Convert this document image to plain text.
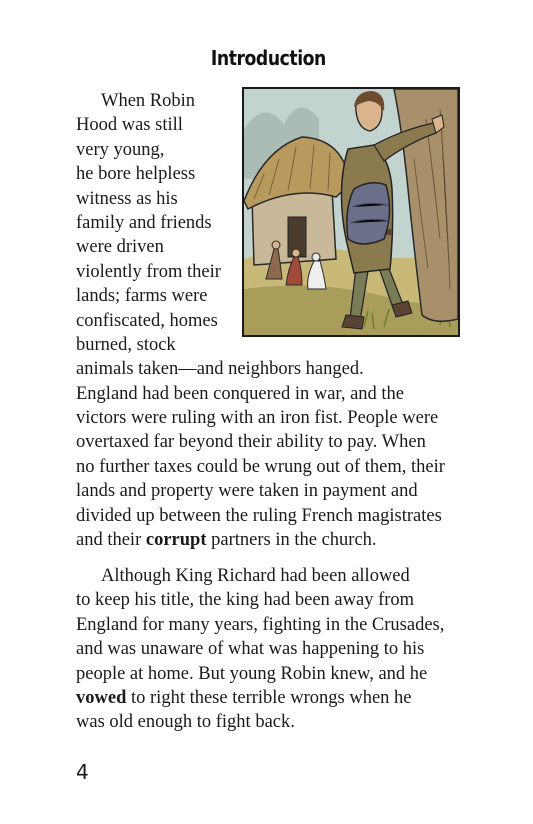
Introduction
When Robin
Hood was still
very young,
he bore helpless
witness as his
family and friends
were driven
violently from their
lands; farms were
confiscated, homes
burned, stock
animals taken—and neighbors hanged.
England had been conquered in war, and the
victors were ruling with an iron fist. People were
overtaxed far beyond their ability to pay. When
no further taxes could be wrung out of them, their
lands and property were taken in payment and
divided up between the ruling French magistrates
and their corrupt partners in the church.
Although King Richard had been allowed
to keep his title, the king had been away from
England for many years, fighting in the Crusades,
and was unaware of what was happening to his
people at home. But young Robin knew, and he
vowed to right these terrible wrongs when he
was old enough to fight back.
4
